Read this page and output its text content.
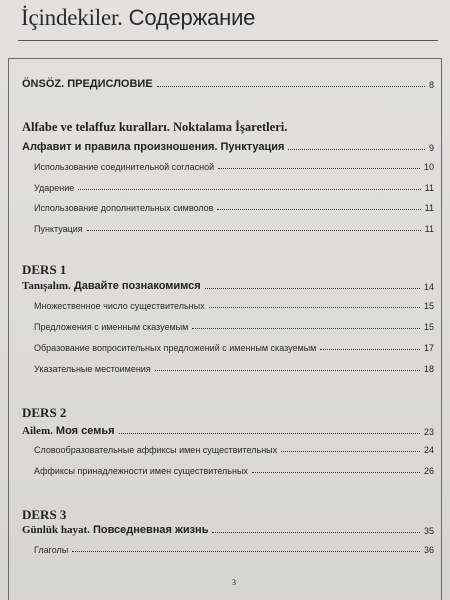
İçindekiler. Содержание
ÖNSÖZ. ПРЕДИСЛОВИЕ	8
Alfabe ve telaffuz kuralları. Noktalama İşaretleri.
Алфавит и правила произношения. Пунктуация	9
Использование соединительной согласной	10
Ударение	11
Использование дополнительных символов	11
Пунктуация	11
DERS 1
Tanışalım. Давайте познакомимся	14
Множественное число существительных	15
Предложения с именным сказуемым	15
Образование вопросительных предложений с именным сказуемым	17
Указательные местоимения	18
DERS 2
Ailem. Моя семья	23
Словообразовательные аффиксы имен существительных	24
Аффиксы принадлежности имен существительных	26
DERS 3
Günlük hayat. Повседневная жизнь	35
Глаголы	36
3
